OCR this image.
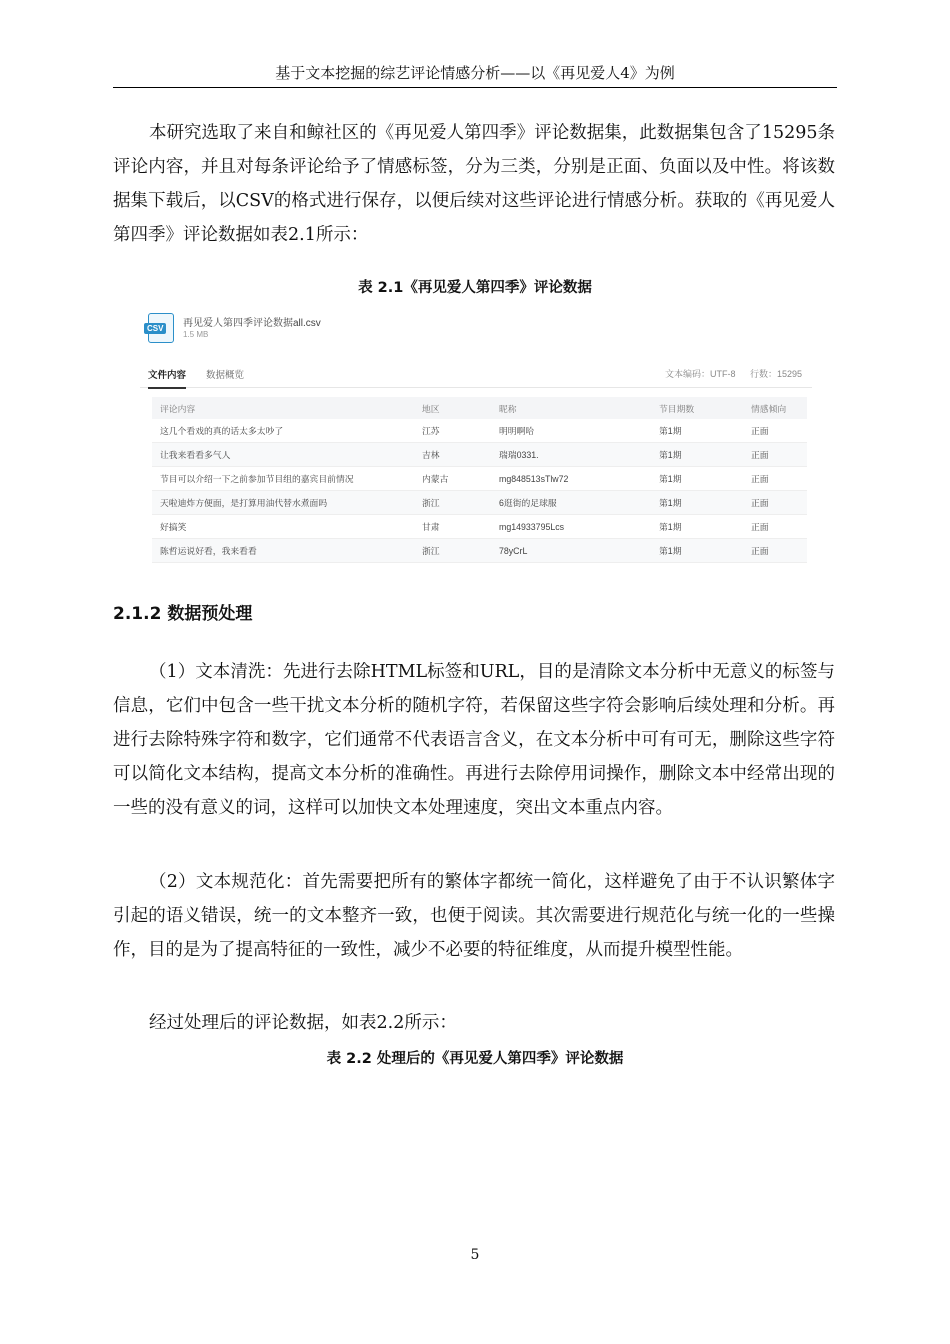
基于文本挖掘的综艺评论情感分析——以《再见爱人4》为例

本研究选取了来自和鲸社区的《再见爱人第四季》评论数据集，此数据集包含了15295条评论内容，并且对每条评论给予了情感标签，分为三类，分别是正面、负面以及中性。将该数据集下载后，以CSV的格式进行保存，以便后续对这些评论进行情感分析。获取的《再见爱人第四季》评论数据如表2.1所示：

表 2.1《再见爱人第四季》评论数据
CSV	再见爱人第四季评论数据all.csv
1.5 MB
文件内容 数据概览	文本编码：UTF-8 行数：15295
评论内容	地区	昵称	节目期数	情感倾向
这几个看戏的真的话太多太吵了	江苏	明明啊哈	第1期	正面
让我来看看多气人	吉林	瑞瑞0331.	第1期	正面
节目可以介绍一下之前参加节目组的嘉宾目前情况	内蒙古	mg848513sTlw72	第1期	正面
天啦迪炸方便面，是打算用油代替水煮面吗	浙江	6逛街的足球服	第1期	正面
好搞笑	甘肃	mg14933795Lcs	第1期	正面
陈哲运说好看，我来看看	浙江	78yCrL	第1期	正面
2.1.2 数据预处理

（1）文本清洗：先进行去除HTML标签和URL，目的是清除文本分析中无意义的标签与信息，它们中包含一些干扰文本分析的随机字符，若保留这些字符会影响后续处理和分析。再进行去除特殊字符和数字，它们通常不代表语言含义，在文本分析中可有可无，删除这些字符可以简化文本结构，提高文本分析的准确性。再进行去除停用词操作，删除文本中经常出现的一些的没有意义的词，这样可以加快文本处理速度，突出文本重点内容。

（2）文本规范化：首先需要把所有的繁体字都统一简化，这样避免了由于不认识繁体字引起的语义错误，统一的文本整齐一致，也便于阅读。其次需要进行规范化与统一化的一些操作，目的是为了提高特征的一致性，减少不必要的特征维度，从而提升模型性能。

经过处理后的评论数据，如表2.2所示：

表 2.2 处理后的《再见爱人第四季》评论数据
5
